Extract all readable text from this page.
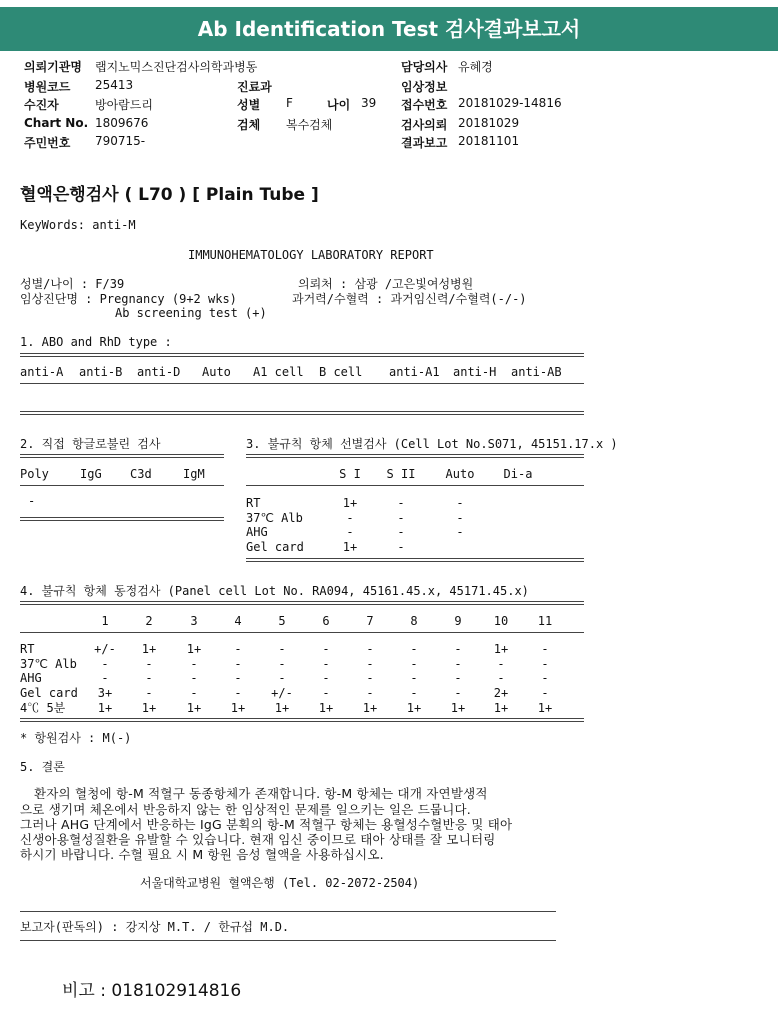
Ab Identification Test 검사결과보고서
의뢰기관명 랩지노믹스진단검사의학과병동	담당의사 유혜경
병원코드 25413	진료과	임상정보
수진자	방아람드리	성별 F	나이 39 접수번호 20181029-14816
Chart No. 1809676	검체 복수검체	검사의뢰 20181029
주민번호 790715-	결과보고 20181101
혈액은행검사 ( L70 ) [ Plain Tube ]
KeyWords: anti-M
IMMUNOHEMATOLOGY LABORATORY REPORT
성별/나이 : F/39	의뢰처 : 삼광 /고은빛여성병원
임상진단명 : Pregnancy (9+2 wks)	과거력/수혈력 : 과거임신력/수혈력(-/-)
Ab screening test (+)
1. ABO and RhD type :
anti-A anti-B anti-D Auto A1 cell B cell anti-A1 anti-H anti-AB
2. 직접 항글로불린 검사
Poly	IgG C3d	IgM
-
3. 불규칙 항체 선별검사 (Cell Lot No.S071, 45151.17.x )
S I S II	Auto Di-a
RT	1+	-	-
37℃ Alb	-	-	-
AHG	-	-	-
Gel card	1+	-
4. 불규칙 항체 동정검사 (Panel cell Lot No. RA094, 45161.45.x, 45171.45.x)
1	2	3	4	5	6	7	8	9	10 11
RT	+/- 1+	1+	-	-	-	-	-	-	1+	-
37℃ Alb -	-	-	-	-	-	-	-	-	-	-
AHG	-	-	-	-	-	-	-	-	-	-	-
Gel card 3+	-	-	- +/- -	-	-	-	2+	-
4℃ 5분	1+ 1+	1+ 1+ 1+ 1+ 1+ 1+ 1+ 1+ 1+
* 항원검사 : M(-)
5. 결론
환자의 혈청에 항-M 적혈구 동종항체가 존재합니다. 항-M 항체는 대개 자연발생적
으로 생기며 체온에서 반응하지 않는 한 임상적인 문제를 일으키는 일은 드뭅니다.
그러나 AHG 단계에서 반응하는 IgG 분획의 항-M 적혈구 항체는 용혈성수혈반응 및 태아
신생아용혈성질환을 유발할 수 있습니다. 현재 임신 중이므로 태아 상태를 잘 모니터링
하시기 바랍니다. 수혈 필요 시 M 항원 음성 혈액을 사용하십시오.
서울대학교병원 혈액은행 (Tel. 02-2072-2504)
보고자(판독의) : 강지상 M.T. / 한규섭 M.D.
비고 : 018102914816
